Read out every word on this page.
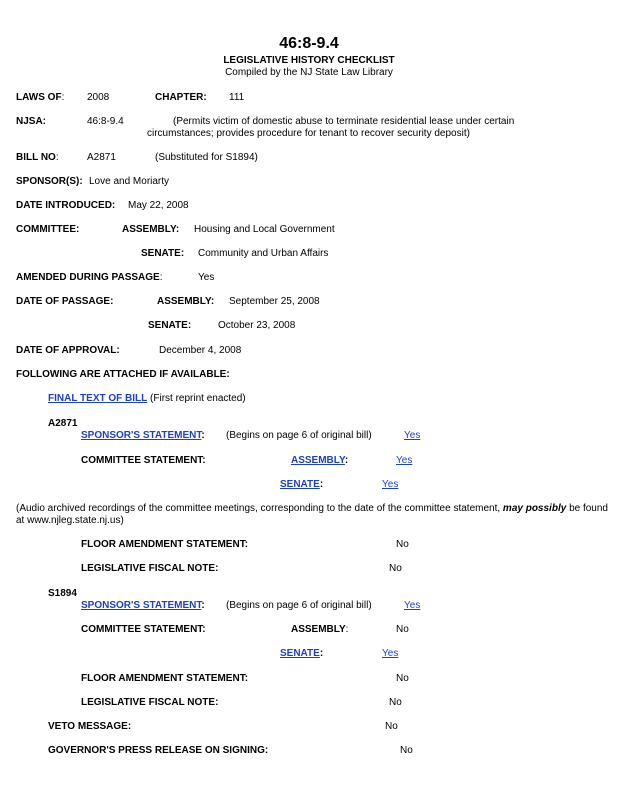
46:8-9.4
LEGISLATIVE HISTORY CHECKLIST
Compiled by the NJ State Law Library
LAWS OF: 2008	CHAPTER: 111
NJSA:	46:8-9.4	(Permits victim of domestic abuse to terminate residential lease under certain
circumstances; provides procedure for tenant to recover security deposit)
BILL NO:	A2871	(Substituted for S1894)
SPONSOR(S): Love and Moriarty
DATE INTRODUCED: May 22, 2008
COMMITTEE:	ASSEMBLY: Housing and Local Government
SENATE: Community and Urban Affairs
AMENDED DURING PASSAGE:	Yes
DATE OF PASSAGE:	ASSEMBLY: September 25, 2008
SENATE:	October 23, 2008
DATE OF APPROVAL:	December 4, 2008
FOLLOWING ARE ATTACHED IF AVAILABLE:
FINAL TEXT OF BILL (First reprint enacted)
A2871
SPONSOR'S STATEMENT: (Begins on page 6 of original bill)	Yes
COMMITTEE STATEMENT:	ASSEMBLY:	Yes
SENATE:	Yes
(Audio archived recordings of the committee meetings, corresponding to the date of the committee statement, may possibly be found
at www.njleg.state.nj.us)
FLOOR AMENDMENT STATEMENT:	No
LEGISLATIVE FISCAL NOTE:	No
S1894
SPONSOR'S STATEMENT: (Begins on page 6 of original bill)	Yes
COMMITTEE STATEMENT:	ASSEMBLY:	No
SENATE:	Yes
FLOOR AMENDMENT STATEMENT:	No
LEGISLATIVE FISCAL NOTE:	No
VETO MESSAGE:	No
GOVERNOR'S PRESS RELEASE ON SIGNING:	No
